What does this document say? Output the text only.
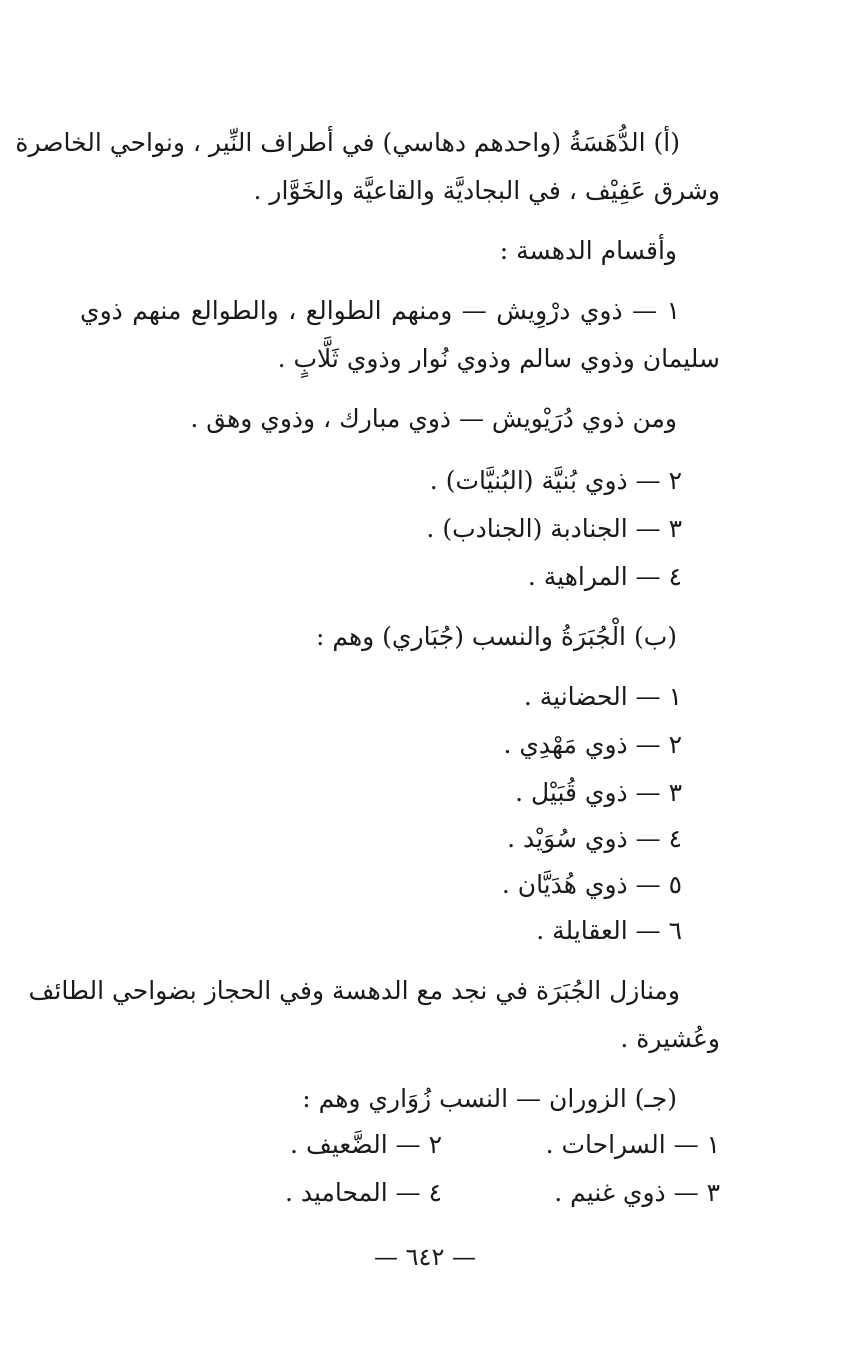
(أ) الدُّهَسَةُ (واحدهم دهاسي) في أطراف النِّير ، ونواحي الخاصرة
وشرق عَفِيْف ، في البجاديَّة والقاعيَّة والخَوَّار .
وأقسام الدهسة :
١ — ذوي درْوِيش — ومنهم الطوالع ، والطوالع منهم ذوي
سليمان وذوي سالم وذوي نُوار وذوي ثَلَّابٍ .
ومن ذوي دُرَيْويش — ذوي مبارك ، وذوي وهق .
٢ — ذوي بُنيَّة (البُنيَّات) .
٣ — الجنادبة (الجنادب) .
٤ — المراهية .
(ب) الْجُبَرَةُ والنسب (جُبَاري) وهم :
١ — الحضانية .
٢ — ذوي مَهْدِي .
٣ — ذوي قُبَيْل .
٤ — ذوي سُوَيْد .
٥ — ذوي هُدَيَّان .
٦ — العقايلة .
ومنازل الجُبَرَة في نجد مع الدهسة وفي الحجاز بضواحي الطائف
وعُشيرة .
(جـ) الزوران — النسب زُوَاري وهم :
١ — السراحات .
٢ — الضَّعيف .
٣ — ذوي غنيم .
٤ — المحاميد .
— ٦٤٢ —
